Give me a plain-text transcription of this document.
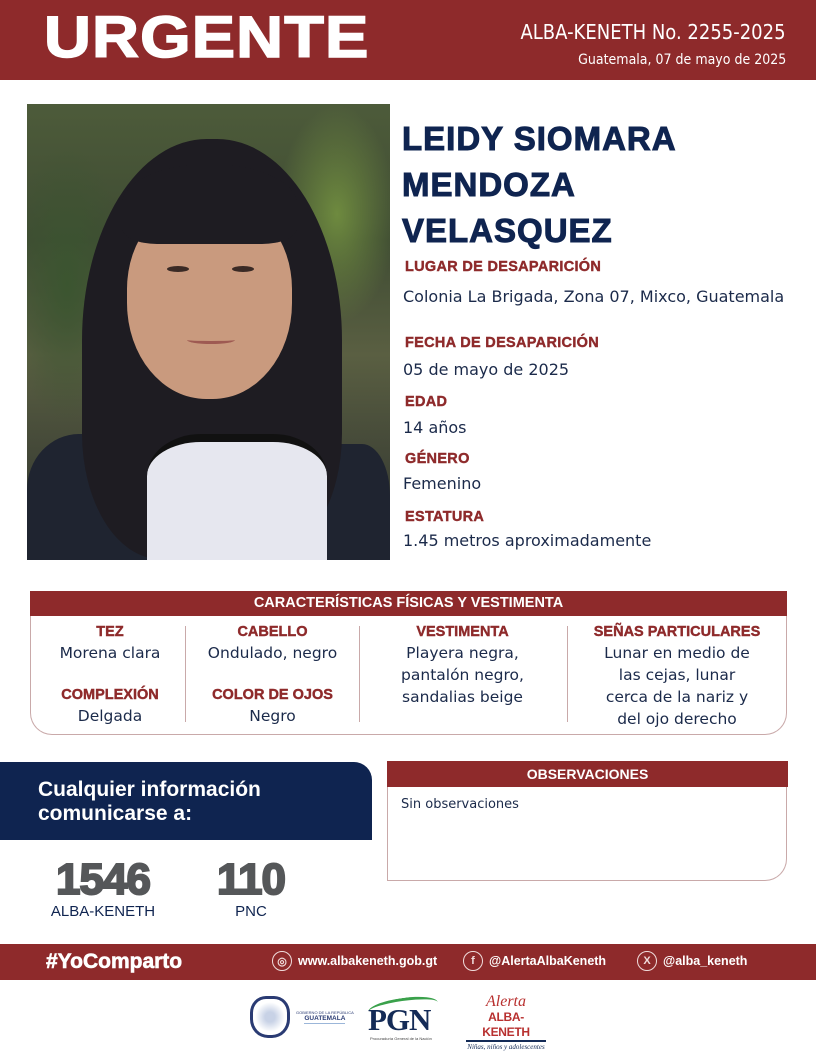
URGENTE	ALBA-KENETH No. 2255-2025
Guatemala, 07 de mayo de 2025
LEIDY SIOMARA
MENDOZA
VELASQUEZ
LUGAR DE DESAPARICIÓN
Colonia La Brigada, Zona 07, Mixco, Guatemala
FECHA DE DESAPARICIÓN
05 de mayo de 2025
EDAD
14 años
GÉNERO
Femenino
ESTATURA
1.45 metros aproximadamente
CARACTERÍSTICAS FÍSICAS Y VESTIMENTA
TEZ
Morena clara
COMPLEXIÓN
Delgada
CABELLO
Ondulado, negro
COLOR DE OJOS
Negro
VESTIMENTA
Playera negra,
pantalón negro,
sandalias beige
SEÑAS PARTICULARES
Lunar en medio de
las cejas, lunar
cerca de la nariz y
del ojo derecho
Cualquier información
comunicarse a:
1546
ALBA-KENETH
110
PNC
OBSERVACIONES
Sin observaciones
#YoComparto	◎ www.albakeneth.gob.gt	f	@AlertaAlbaKeneth	X @alba_keneth
GOBIERNO DE LA REPÚBLICA
GUATEMALA PGN
Procuraduría General de la Nación
Alerta
ALBA-KENETH
Niñas, niños y adolescentes
